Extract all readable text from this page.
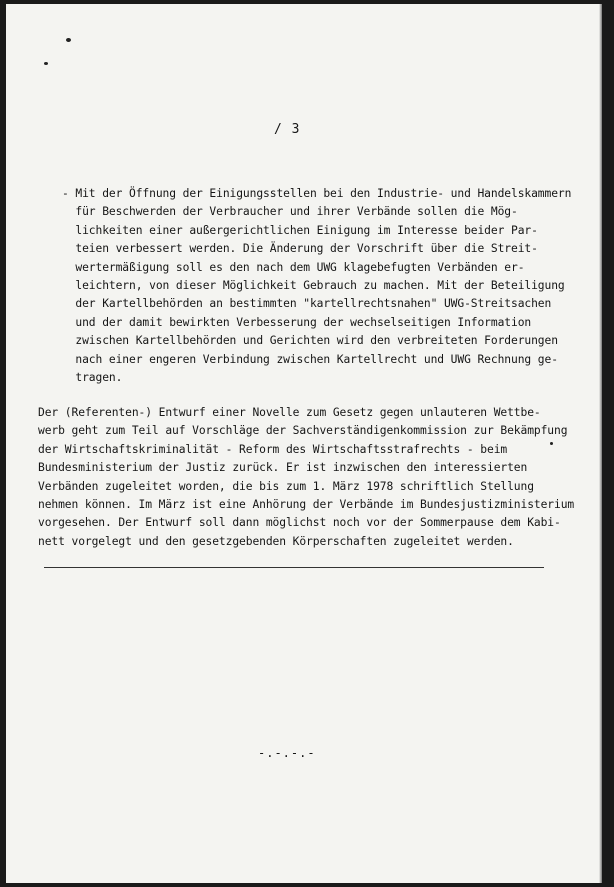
/ 3
- Mit der Öffnung der Einigungsstellen bei den Industrie- und Handelskammern
für Beschwerden der Verbraucher und ihrer Verbände sollen die Mög-
lichkeiten einer außergerichtlichen Einigung im Interesse beider Par-
teien verbessert werden. Die Änderung der Vorschrift über die Streit-
wertermäßigung soll es den nach dem UWG klagebefugten Verbänden er-
leichtern, von dieser Möglichkeit Gebrauch zu machen. Mit der Beteiligung
der Kartellbehörden an bestimmten "kartellrechtsnahen" UWG-Streitsachen
und der damit bewirkten Verbesserung der wechselseitigen Information
zwischen Kartellbehörden und Gerichten wird den verbreiteten Forderungen
nach einer engeren Verbindung zwischen Kartellrecht und UWG Rechnung ge-
tragen.
Der (Referenten-) Entwurf einer Novelle zum Gesetz gegen unlauteren Wettbe-
werb geht zum Teil auf Vorschläge der Sachverständigenkommission zur Bekämpfung
der Wirtschaftskriminalität - Reform des Wirtschaftsstrafrechts - beim
Bundesministerium der Justiz zurück. Er ist inzwischen den interessierten
Verbänden zugeleitet worden, die bis zum 1. März 1978 schriftlich Stellung
nehmen können. Im März ist eine Anhörung der Verbände im Bundesjustizministerium
vorgesehen. Der Entwurf soll dann möglichst noch vor der Sommerpause dem Kabi-
nett vorgelegt und den gesetzgebenden Körperschaften zugeleitet werden.
-.-.-.-
